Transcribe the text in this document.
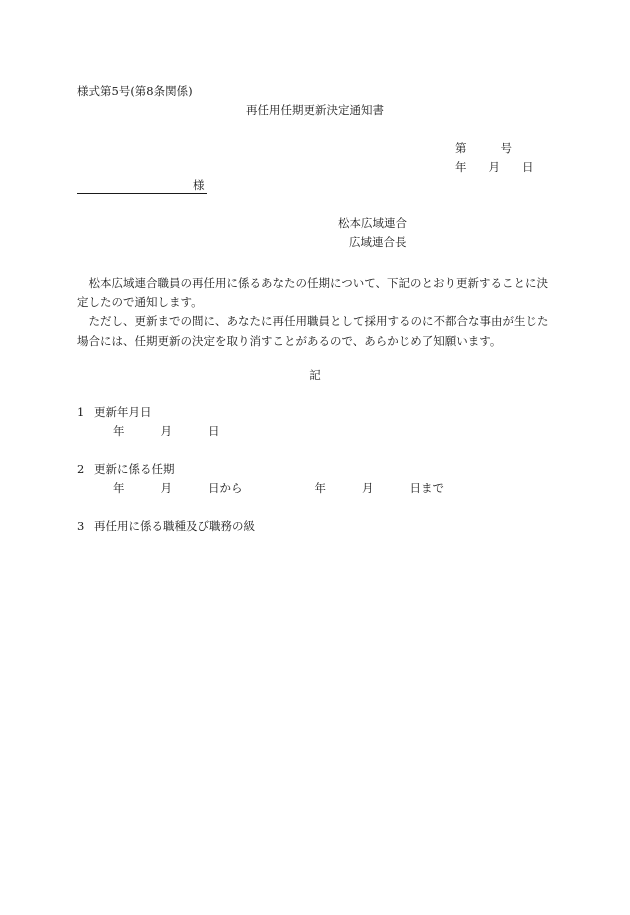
様式第5号(第8条関係)
再任用任期更新決定通知書
第	号
年 月 日
様
松本広域連合
広域連合長

松本広域連合職員の再任用に係るあなたの任期について、下記のとおり更新することに決定したので通知します。

ただし、更新までの間に、あなたに再任用職員として採用するのに不都合な事由が生じた場合には、任期更新の決定を取り消すことがあるので、あらかじめ了知願います。

記
1 更新年月日
年	月	日
2 更新に係る任期
年	月	日から	年	月	日まで
3 再任用に係る職種及び職務の級
